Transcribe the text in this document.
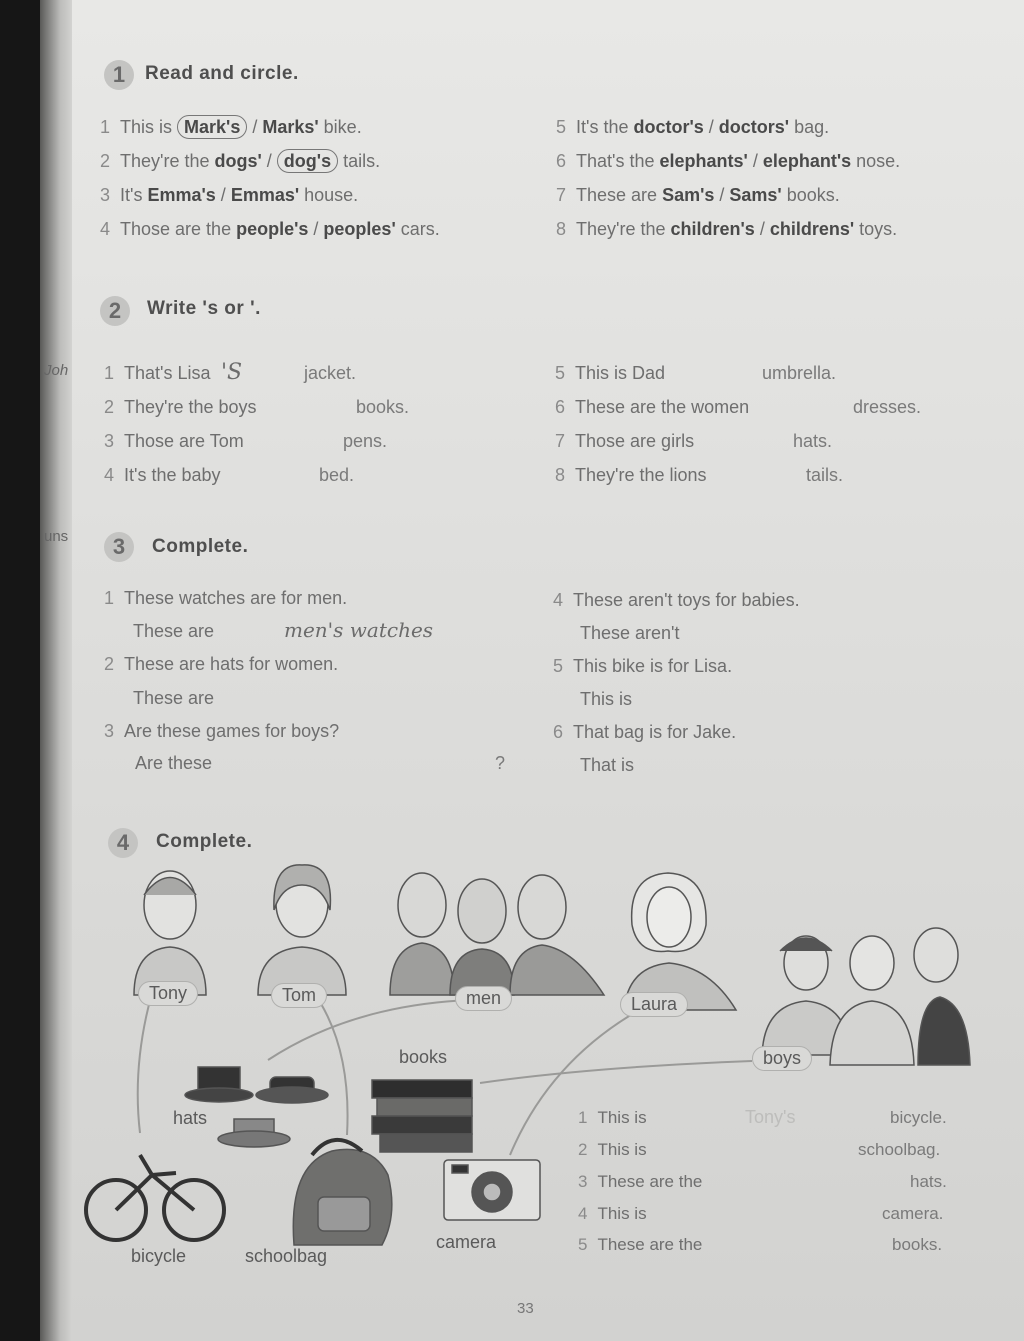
Joh
uns
1	Read and circle.
2	Write 's or '.
'S
3	Complete.
men's watches
4	Complete.
Tony	Tom	men	Laura
boys
books
hats
bicycle	schoolbag
camera
Tony's
33
1 This is Mark's / Marks' bike.
2 They're the dogs' / dog's tails.
3 It's Emma's / Emmas' house.
4 Those are the people's / peoples' cars.
5 It's the doctor's / doctors' bag.
6 That's the elephants' / elephant's nose.
7 These are Sam's / Sams' books.
8 They're the children's / childrens' toys.
1 That's Lisa	jacket.
2 They're the boys	books.
3 Those are Tom	pens.
4 It's the baby	bed.
5 This is Dad	umbrella.
6 These are the women	dresses.
7 Those are girls	hats.
8 They're the lions	tails.
1 These watches are for men.
These are
2 These are hats for women.
These are
3 Are these games for boys?
Are these	?
4 These aren't toys for babies.
These aren't
5 This bike is for Lisa.
This is
6 That bag is for Jake.
That is
1 This is	bicycle.
2 This is	schoolbag.
3 These are the	hats.
4 This is	camera.
5 These are the	books.
